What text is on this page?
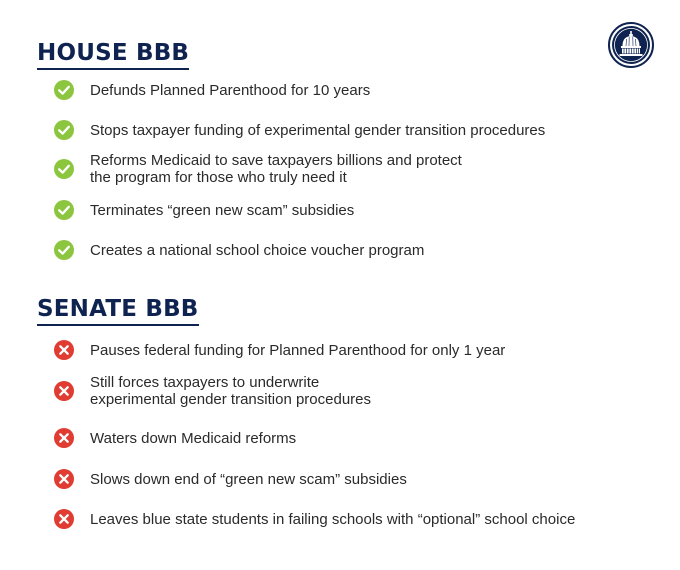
HOUSE BBB
Defunds Planned Parenthood for 10 years
Stops taxpayer funding of experimental gender transition procedures
Reforms Medicaid to save taxpayers billions and protect
the program for those who truly need it
Terminates “green new scam” subsidies
Creates a national school choice voucher program
SENATE BBB
Pauses federal funding for Planned Parenthood for only 1 year
Still forces taxpayers to underwrite
experimental gender transition procedures
Waters down Medicaid reforms
Slows down end of “green new scam” subsidies
Leaves blue state students in failing schools with “optional” school choice
